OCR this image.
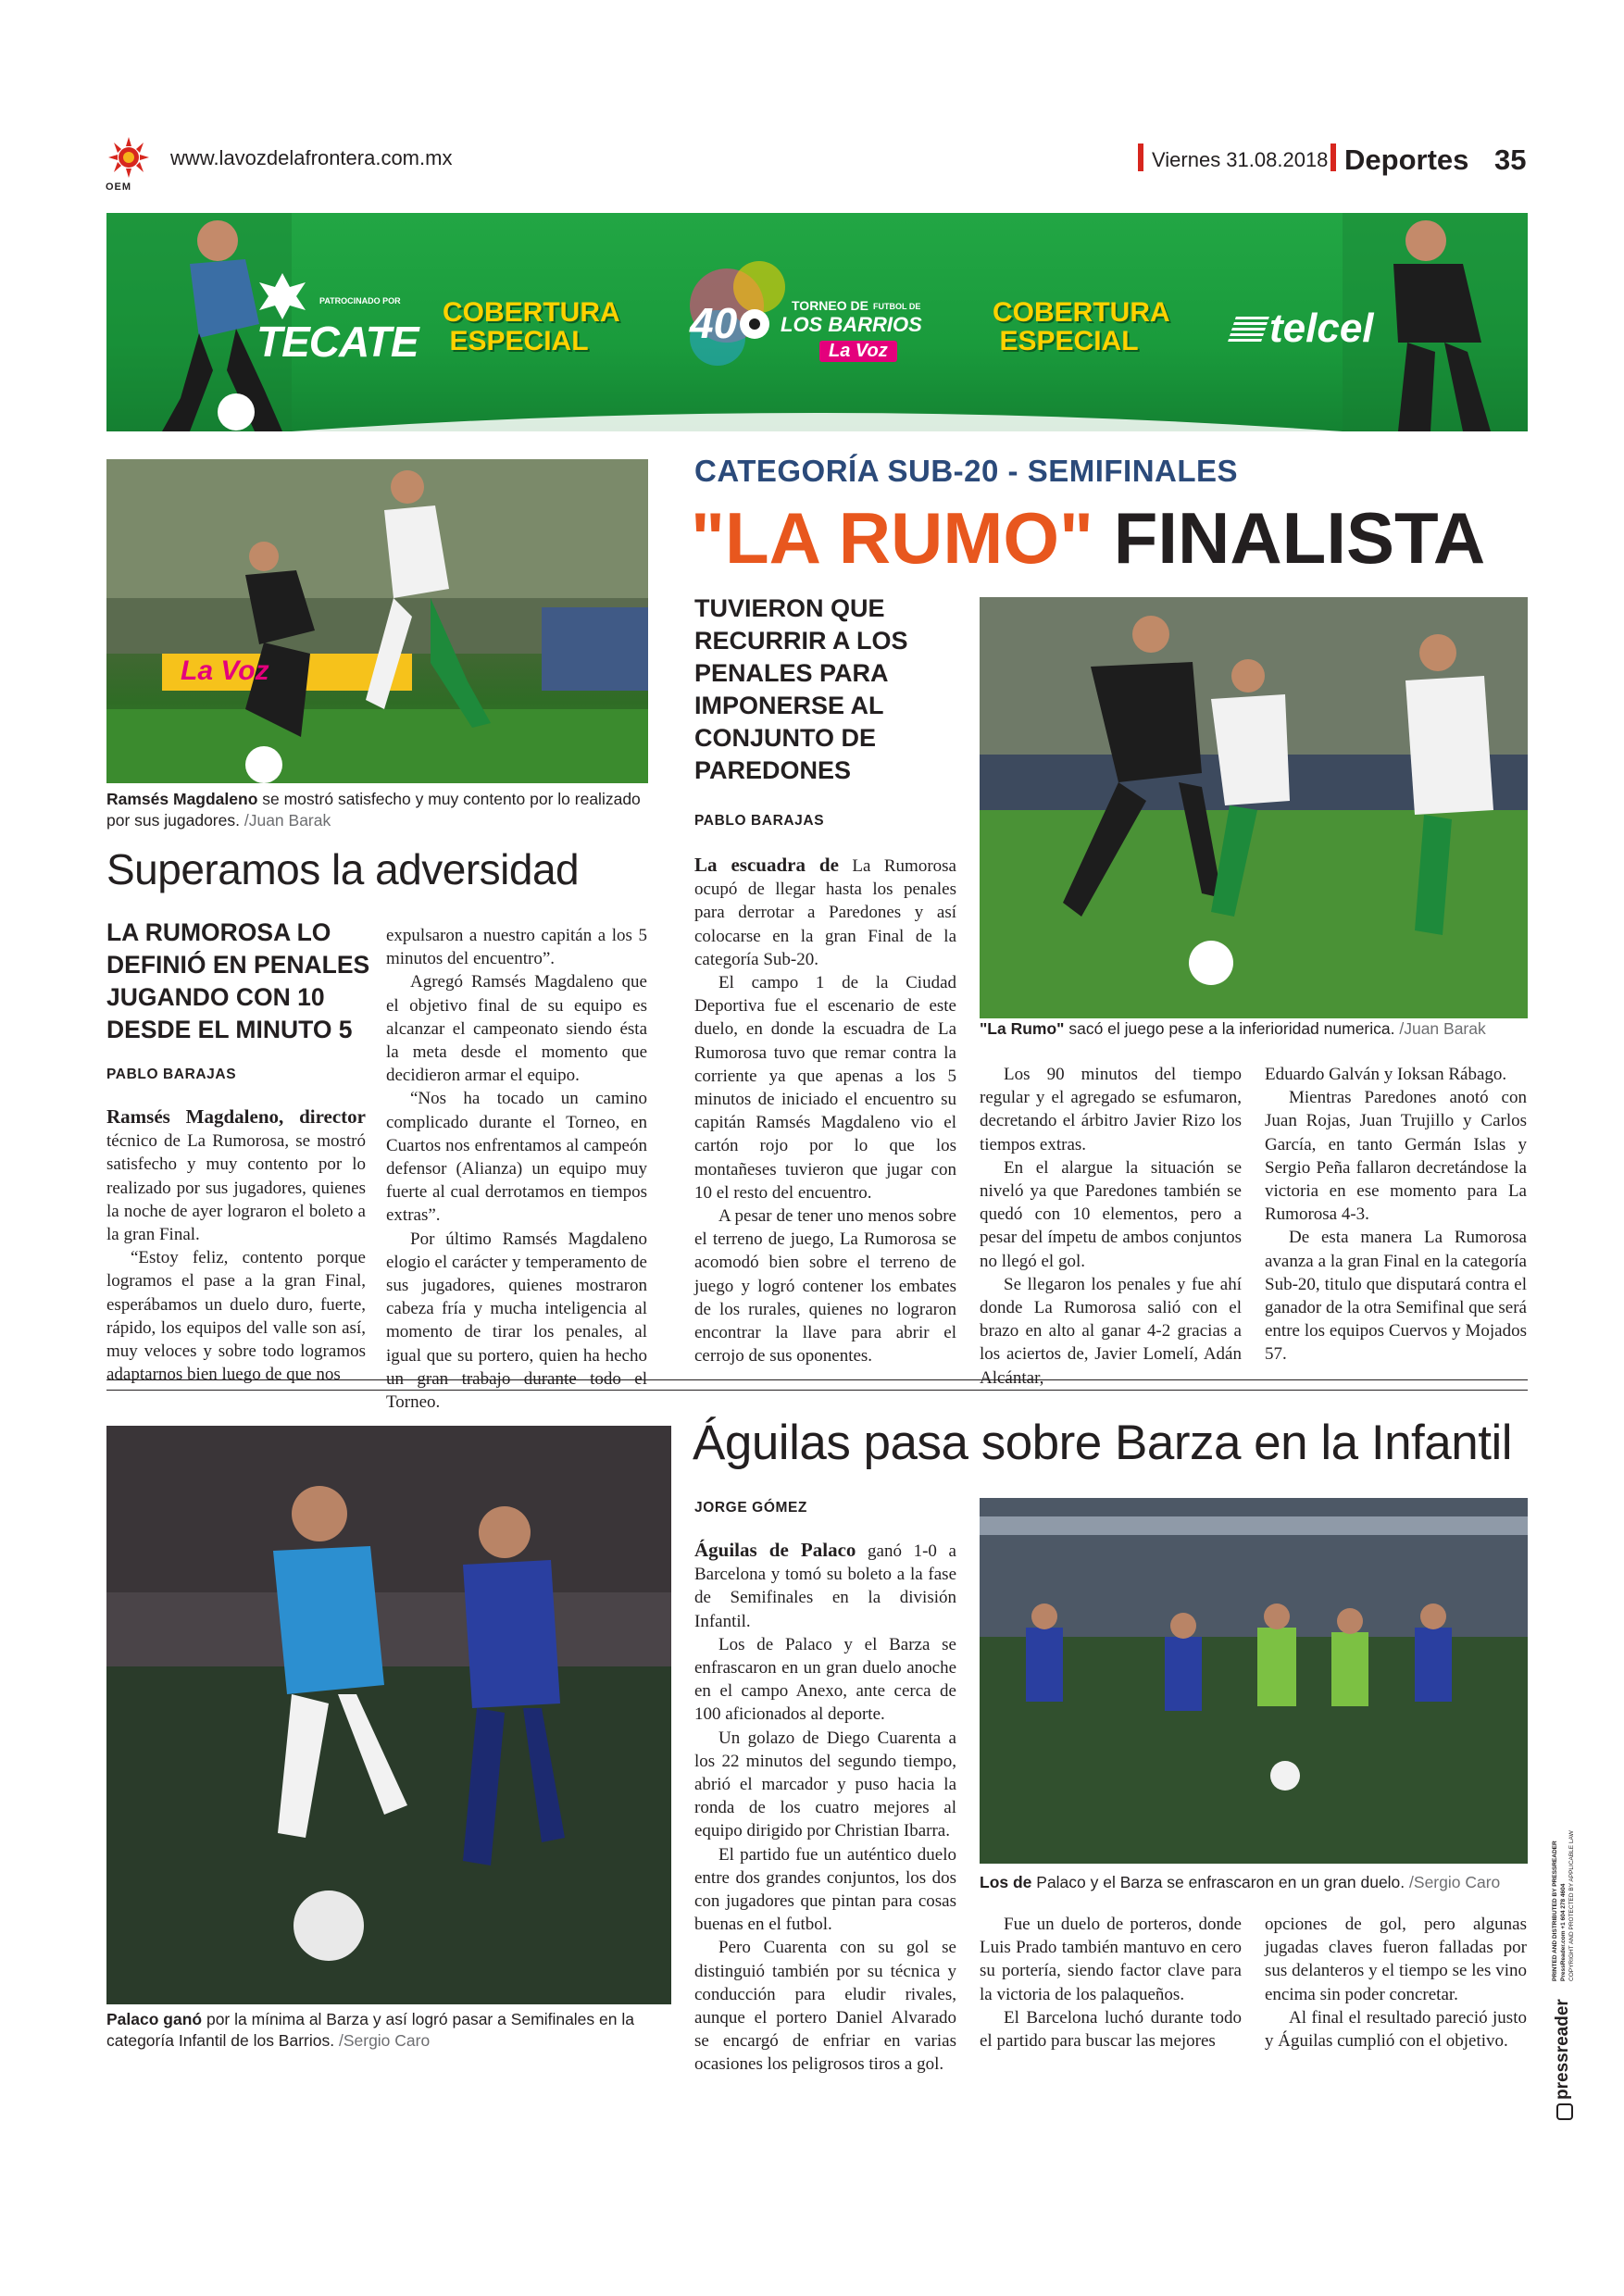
OEM
www.lavozdelafrontera.com.mx	Viernes 31.08.2018 Deportes 35
PATROCINADO POR
TECATE
COBERTURA
ESPECIAL 40	TORNEO DE FUTBOL DE
LOS BARRIOS
La Voz
COBERTURA
ESPECIAL	telcel
La Voz
Ramsés Magdaleno se mostró satisfecho y muy contento por lo realizado por sus jugadores. /Juan Barak
Superamos la adversidad
LA RUMOROSA LO DEFINIÓ EN PENALES JUGANDO CON 10 DESDE EL MINUTO 5
PABLO BARAJAS

Ramsés Magdaleno, director técnico de La Rumorosa, se mostró satisfecho y muy contento por lo realizado por sus jugadores, quienes la noche de ayer lograron el boleto a la gran Final.

“Estoy feliz, contento porque logramos el pase a la gran Final, esperábamos un duelo duro, fuerte, rápido, los equipos del valle son así, muy veloces y sobre todo logramos adaptarnos bien luego de que nos

expulsaron a nuestro capitán a los 5 minutos del encuentro”.

Agregó Ramsés Magdaleno que el objetivo final de su equipo es alcanzar el campeonato siendo ésta la meta desde el momento que decidieron armar el equipo.

“Nos ha tocado un camino complicado durante el Torneo, en Cuartos nos enfrentamos al campeón defensor (Alianza) un equipo muy fuerte al cual derrotamos en tiempos extras”.

Por último Ramsés Magdaleno elogio el carácter y temperamento de sus jugadores, quienes mostraron cabeza fría y mucha inteligencia al momento de tirar los penales, al igual que su portero, quien ha hecho un gran trabajo durante todo el Torneo.

CATEGORÍA SUB-20 - SEMIFINALES
"LA RUMO" FINALISTA
TUVIERON QUE RECURRIR A LOS PENALES PARA IMPONERSE AL CONJUNTO DE PAREDONES
PABLO BARAJAS
"La Rumo" sacó el juego pese a la inferioridad numerica. /Juan Barak

La escuadra de La Rumorosa ocupó de llegar hasta los penales para derrotar a Paredones y así colocarse en la gran Final de la categoría Sub-20.

El campo 1 de la Ciudad Deportiva fue el escenario de este duelo, en donde la escuadra de La Rumorosa tuvo que remar contra la corriente ya que apenas a los 5 minutos de iniciado el encuentro su capitán Ramsés Magdaleno vio el cartón rojo por lo que los montañeses tuvieron que jugar con 10 el resto del encuentro.

A pesar de tener uno menos sobre el terreno de juego, La Rumorosa se acomodó bien sobre el terreno de juego y logró contener los embates de los rurales, quienes no lograron encontrar la llave para abrir el cerrojo de sus oponentes.

Los 90 minutos del tiempo regular y el agregado se esfumaron, decretando el árbitro Javier Rizo los tiempos extras.

En el alargue la situación se niveló ya que Paredones también se quedó con 10 elementos, pero a pesar del ímpetu de ambos conjuntos no llegó el gol.

Se llegaron los penales y fue ahí donde La Rumorosa salió con el brazo en alto al ganar 4-2 gracias a los aciertos de, Javier Lomelí, Adán Alcántar,

Eduardo Galván y Ioksan Rábago.

Mientras Paredones anotó con Juan Rojas, Juan Trujillo y Carlos García, en tanto Germán Islas y Sergio Peña fallaron decretándose la victoria en ese momento para La Rumorosa 4-3.

De esta manera La Rumorosa avanza a la gran Final en la categoría Sub-20, titulo que disputará contra el ganador de la otra Semifinal que será entre los equipos Cuervos y Mojados 57.

Palaco ganó por la mínima al Barza y así logró pasar a Semifinales en la categoría Infantil de los Barrios. /Sergio Caro
Águilas pasa sobre Barza en la Infantil
JORGE GÓMEZ
Los de Palaco y el Barza se enfrascaron en un gran duelo. /Sergio Caro

Águilas de Palaco ganó 1-0 a Barcelona y tomó su boleto a la fase de Semifinales en la división Infantil.

Los de Palaco y el Barza se enfrascaron en un gran duelo anoche en el campo Anexo, ante cerca de 100 aficionados al deporte.

Un golazo de Diego Cuarenta a los 22 minutos del segundo tiempo, abrió el marcador y puso hacia la ronda de los cuatro mejores al equipo dirigido por Christian Ibarra.

El partido fue un auténtico duelo entre dos grandes conjuntos, los dos con jugadores que pintan para cosas buenas en el futbol.

Pero Cuarenta con su gol se distinguió también por su técnica y conducción para eludir rivales, aunque el portero Daniel Alvarado se encargó de enfriar en varias ocasiones los peligrosos tiros a gol.

Fue un duelo de porteros, donde Luis Prado también mantuvo en cero su portería, siendo factor clave para la victoria de los palaqueños.

El Barcelona luchó durante todo el partido para buscar las mejores

opciones de gol, pero algunas jugadas claves fueron falladas por sus delanteros y el tiempo se les vino encima sin poder concretar.

Al final el resultado pareció justo y Águilas cumplió con el objetivo.	pressreader
PRINTED AND DISTRIBUTED BY PRESSREADER PressReader.com +1 604 278 4604 COPYRIGHT AND PROTECTED BY APPLICABLE LAW
